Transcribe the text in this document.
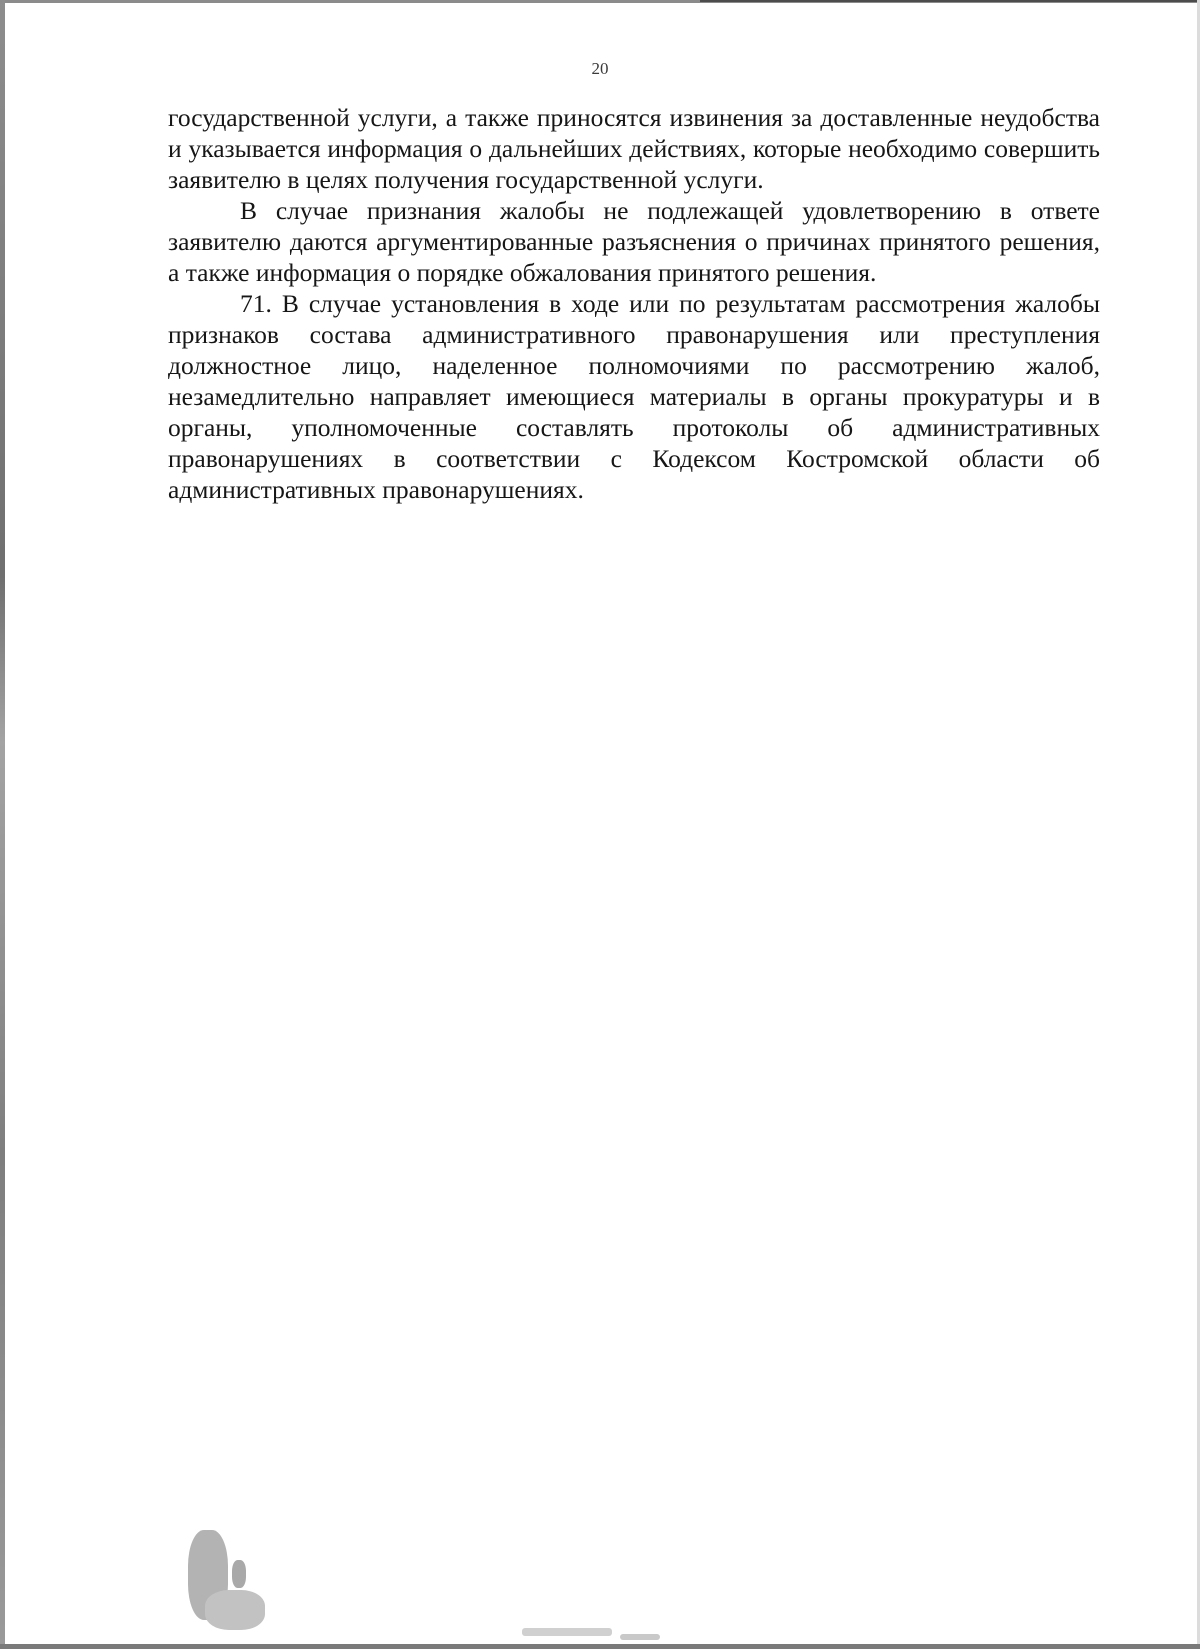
20

государственной услуги, а также приносятся извинения за доставленные неудобства и указывается информация о дальнейших действиях, которые необходимо совершить заявителю в целях получения государственной услуги.

В случае признания жалобы не подлежащей удовлетворению в ответе заявителю даются аргументированные разъяснения о причинах принятого решения, а также информация о порядке обжалования принятого решения.

71. В случае установления в ходе или по результатам рассмотрения жалобы признаков состава административного правонарушения или преступления должностное лицо, наделенное полномочиями по рассмотрению жалоб, незамедлительно направляет имеющиеся материалы в органы прокуратуры и в органы, уполномоченные составлять протоколы об административных правонарушениях в соответствии с Кодексом Костромской области об административных правонарушениях.
